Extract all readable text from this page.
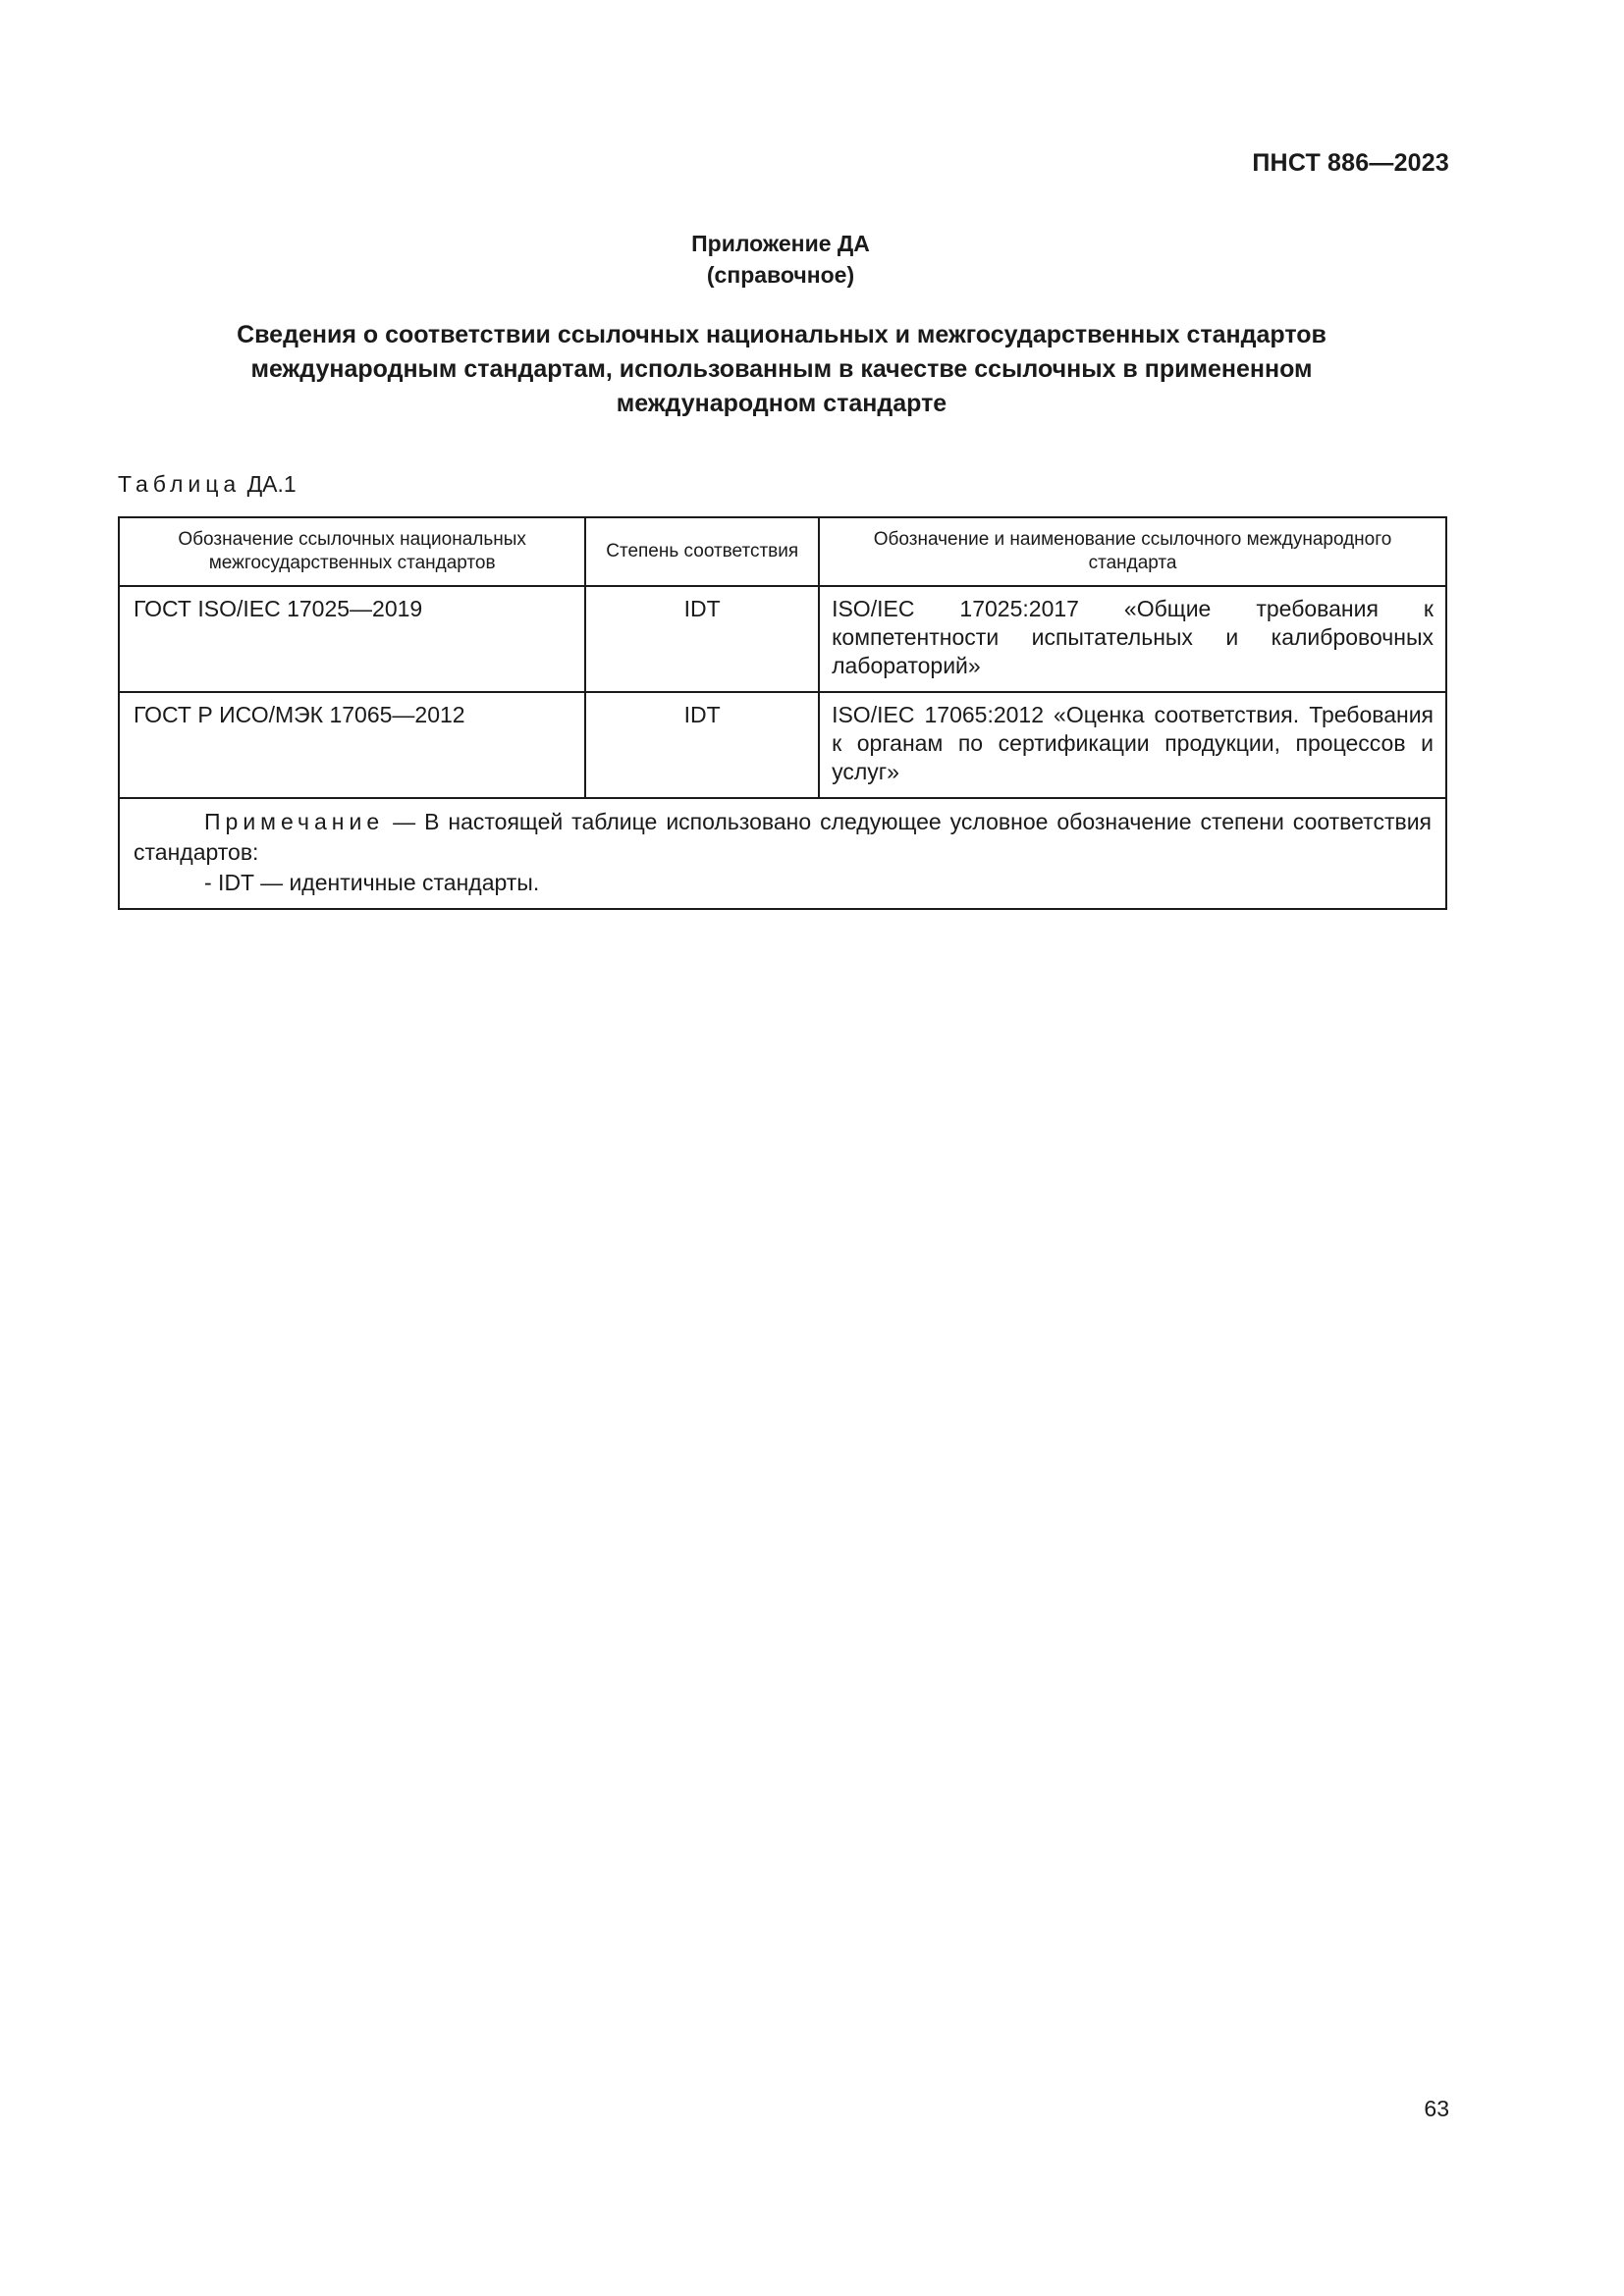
ПНСТ 886—2023
Приложение ДА
(справочное)
Сведения о соответствии ссылочных национальных и межгосударственных стандартов
международным стандартам, использованным в качестве ссылочных в примененном
международном стандарте
Таблица ДА.1
Обозначение ссылочных национальных межгосударственных стандартов	Степень соответствия	Обозначение и наименование ссылочного международного стандарта
ГОСТ ISO/IEC 17025—2019	IDT	ISO/IEC 17025:2017 «Общие требования к компетентности испытательных и калибровочных лабораторий»
ГОСТ Р ИСО/МЭК 17065—2012	IDT	ISO/IEC 17065:2012 «Оценка соответствия. Требования к органам по сертификации продукции, процессов и услуг»

Примечание — В настоящей таблице использовано следующее условное обозначение степени соответствия стандартов:
- IDT — идентичные стандарты.		
63
